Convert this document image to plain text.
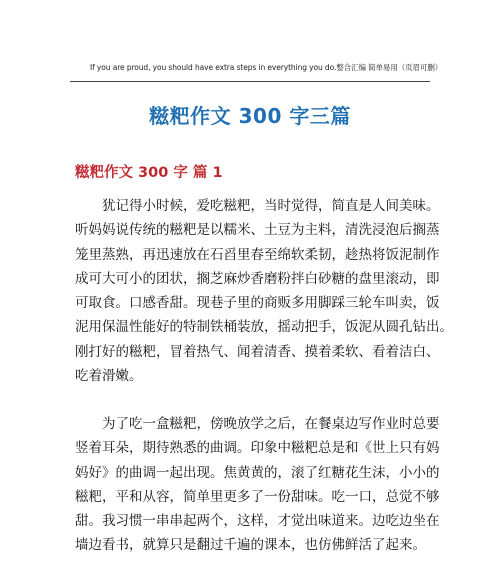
If you are proud, you should have extra steps in everything you do.整合汇编 简单易用（页眉可删）
糍粑作文 300 字三篇
糍粑作文 300 字 篇 1
犹记得小时候，爱吃糍粑，当时觉得，简直是人间美味。
听妈妈说传统的糍粑是以糯米、土豆为主料，清洗浸泡后搁蒸
笼里蒸熟，再迅速放在石舀里春至绵软柔韧，趁热将饭泥制作
成可大可小的团状，搁芝麻炒香磨粉拌白砂糖的盘里滚动，即
可取食。口感香甜。现巷子里的商贩多用脚踩三轮车叫卖，饭
泥用保温性能好的特制铁桶装放，摇动把手，饭泥从圆孔钻出。
刚打好的糍粑，冒着热气、闻着清香、摸着柔软、看着洁白、
吃着滑嫩。
为了吃一盒糍粑，傍晚放学之后，在餐桌边写作业时总要
竖着耳朵，期待熟悉的曲调。印象中糍粑总是和《世上只有妈
妈好》的曲调一起出现。焦黄黄的，滚了红糖花生沫，小小的
糍粑，平和从容，简单里更多了一份甜味。吃一口，总觉不够
甜。我习惯一串串起两个，这样，才觉出味道来。边吃边坐在
墙边看书，就算只是翻过千遍的课本，也仿佛鲜活了起来。
